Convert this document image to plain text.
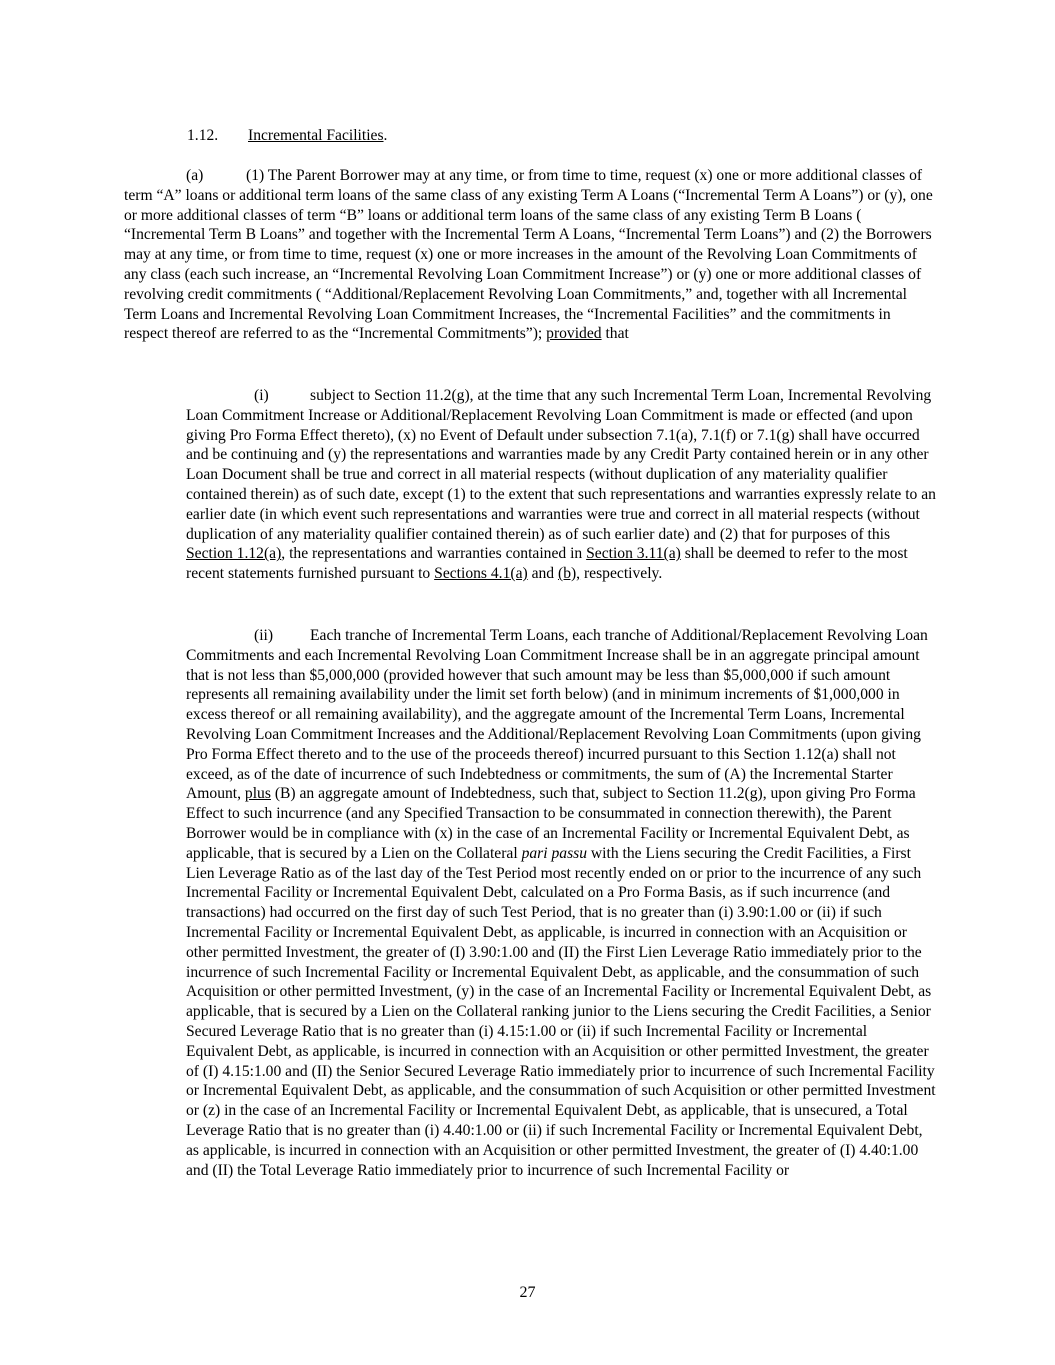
1.12. Incremental Facilities.
(a)	(1) The Parent Borrower may at any time, or from time to time, request (x) one or more additional classes of term “A” loans or additional term loans of the same class of any existing Term A Loans (“Incremental Term A Loans”) or (y), one or more additional classes of term “B” loans or additional term loans of the same class of any existing Term B Loans ( “Incremental Term B Loans” and together with the Incremental Term A Loans, “Incremental Term Loans”) and (2) the Borrowers may at any time, or from time to time, request (x) one or more increases in the amount of the Revolving Loan Commitments of any class (each such increase, an “Incremental Revolving Loan Commitment Increase”) or (y) one or more additional classes of revolving credit commitments ( “Additional/Replacement Revolving Loan Commitments,” and, together with all Incremental Term Loans and Incremental Revolving Loan Commitment Increases, the “Incremental Facilities” and the commitments in respect thereof are referred to as the “Incremental Commitments”); provided that
(i)	subject to Section 11.2(g), at the time that any such Incremental Term Loan, Incremental Revolving Loan Commitment Increase or Additional/Replacement Revolving Loan Commitment is made or effected (and upon giving Pro Forma Effect thereto), (x) no Event of Default under subsection 7.1(a), 7.1(f) or 7.1(g) shall have occurred and be continuing and (y) the representations and warranties made by any Credit Party contained herein or in any other Loan Document shall be true and correct in all material respects (without duplication of any materiality qualifier contained therein) as of such date, except (1) to the extent that such representations and warranties expressly relate to an earlier date (in which event such representations and warranties were true and correct in all material respects (without duplication of any materiality qualifier contained therein) as of such earlier date) and (2) that for purposes of this Section 1.12(a), the representations and warranties contained in Section 3.11(a) shall be deemed to refer to the most recent statements furnished pursuant to Sections 4.1(a) and (b), respectively.
(ii) Each tranche of Incremental Term Loans, each tranche of Additional/Replacement Revolving Loan Commitments and each Incremental Revolving Loan Commitment Increase shall be in an aggregate principal amount that is not less than $5,000,000 (provided however that such amount may be less than $5,000,000 if such amount represents all remaining availability under the limit set forth below) (and in minimum increments of $1,000,000 in excess thereof or all remaining availability), and the aggregate amount of the Incremental Term Loans, Incremental Revolving Loan Commitment Increases and the Additional/Replacement Revolving Loan Commitments (upon giving Pro Forma Effect thereto and to the use of the proceeds thereof) incurred pursuant to this Section 1.12(a) shall not exceed, as of the date of incurrence of such Indebtedness or commitments, the sum of (A) the Incremental Starter Amount, plus (B) an aggregate amount of Indebtedness, such that, subject to Section 11.2(g), upon giving Pro Forma Effect to such incurrence (and any Specified Transaction to be consummated in connection therewith), the Parent Borrower would be in compliance with (x) in the case of an Incremental Facility or Incremental Equivalent Debt, as applicable, that is secured by a Lien on the Collateral pari passu with the Liens securing the Credit Facilities, a First Lien Leverage Ratio as of the last day of the Test Period most recently ended on or prior to the incurrence of any such Incremental Facility or Incremental Equivalent Debt, calculated on a Pro Forma Basis, as if such incurrence (and transactions) had occurred on the first day of such Test Period, that is no greater than (i) 3.90:1.00 or (ii) if such Incremental Facility or Incremental Equivalent Debt, as applicable, is incurred in connection with an Acquisition or other permitted Investment, the greater of (I) 3.90:1.00 and (II) the First Lien Leverage Ratio immediately prior to the incurrence of such Incremental Facility or Incremental Equivalent Debt, as applicable, and the consummation of such Acquisition or other permitted Investment, (y) in the case of an Incremental Facility or Incremental Equivalent Debt, as applicable, that is secured by a Lien on the Collateral ranking junior to the Liens securing the Credit Facilities, a Senior Secured Leverage Ratio that is no greater than (i) 4.15:1.00 or (ii) if such Incremental Facility or Incremental Equivalent Debt, as applicable, is incurred in connection with an Acquisition or other permitted Investment, the greater of (I) 4.15:1.00 and (II) the Senior Secured Leverage Ratio immediately prior to incurrence of such Incremental Facility or Incremental Equivalent Debt, as applicable, and the consummation of such Acquisition or other permitted Investment or (z) in the case of an Incremental Facility or Incremental Equivalent Debt, as applicable, that is unsecured, a Total Leverage Ratio that is no greater than (i) 4.40:1.00 or (ii) if such Incremental Facility or Incremental Equivalent Debt, as applicable, is incurred in connection with an Acquisition or other permitted Investment, the greater of (I) 4.40:1.00 and (II) the Total Leverage Ratio immediately prior to incurrence of such Incremental Facility or
27
